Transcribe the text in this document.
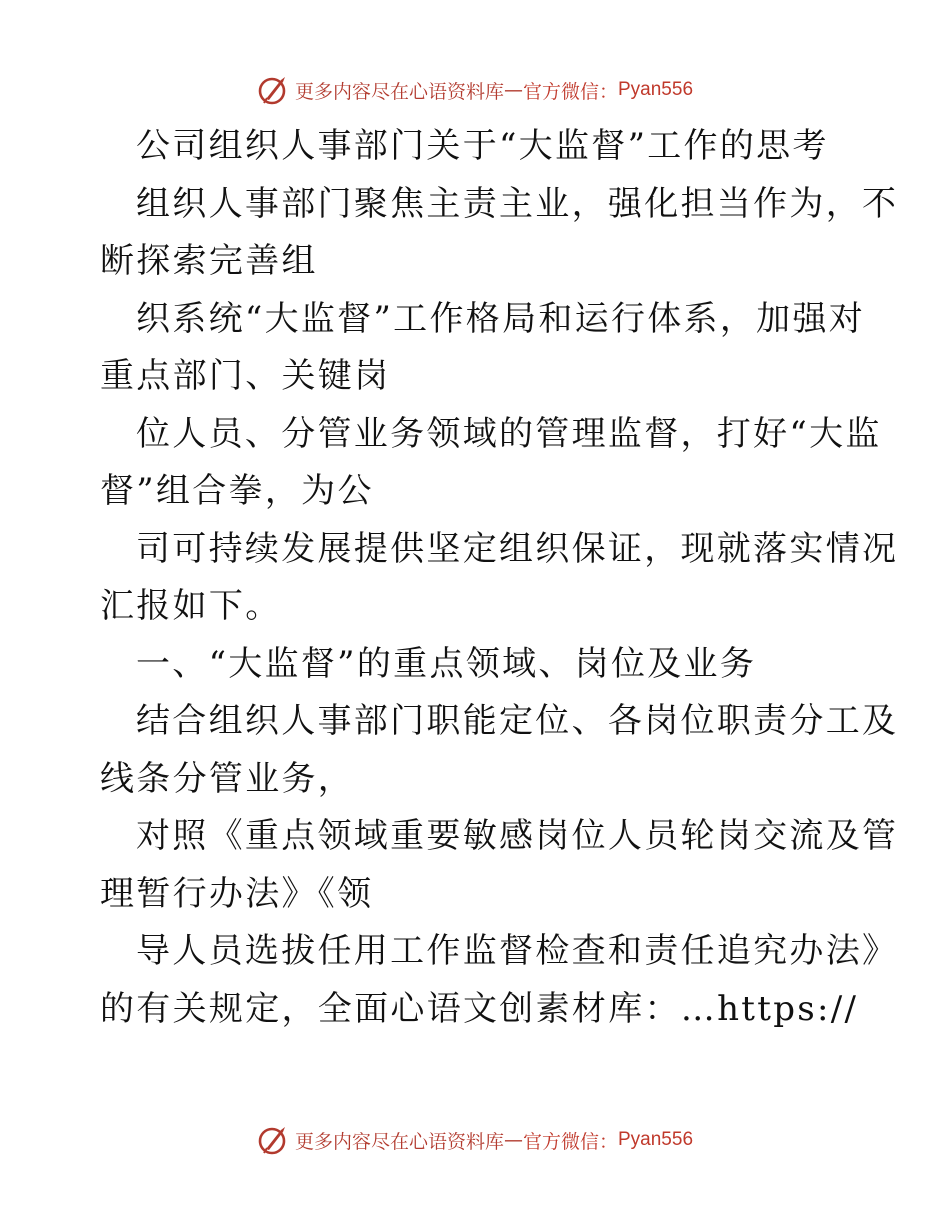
更多内容尽在心语资料库 — 官方微信： Pyan556
公司组织人事部门关于“大监督”工作的思考
组织人事部门聚焦主责主业，强化担当作为，不
断探索完善组
织系统“大监督”工作格局和运行体系，加强对
重点部门、关键岗
位人员、分管业务领域的管理监督，打好“大监
督”组合拳，为公
司可持续发展提供坚定组织保证，现就落实情况
汇报如下。
一、“大监督”的重点领域、岗位及业务
结合组织人事部门职能定位、各岗位职责分工及
线条分管业务，
对照《重点领域重要敏感岗位人员轮岗交流及管
理暂行办法》《领
导人员选拔任用工作监督检查和责任追究办法》
的有关规定，全面心语文创素材库：…https://
更多内容尽在心语资料库 — 官方微信： Pyan556
